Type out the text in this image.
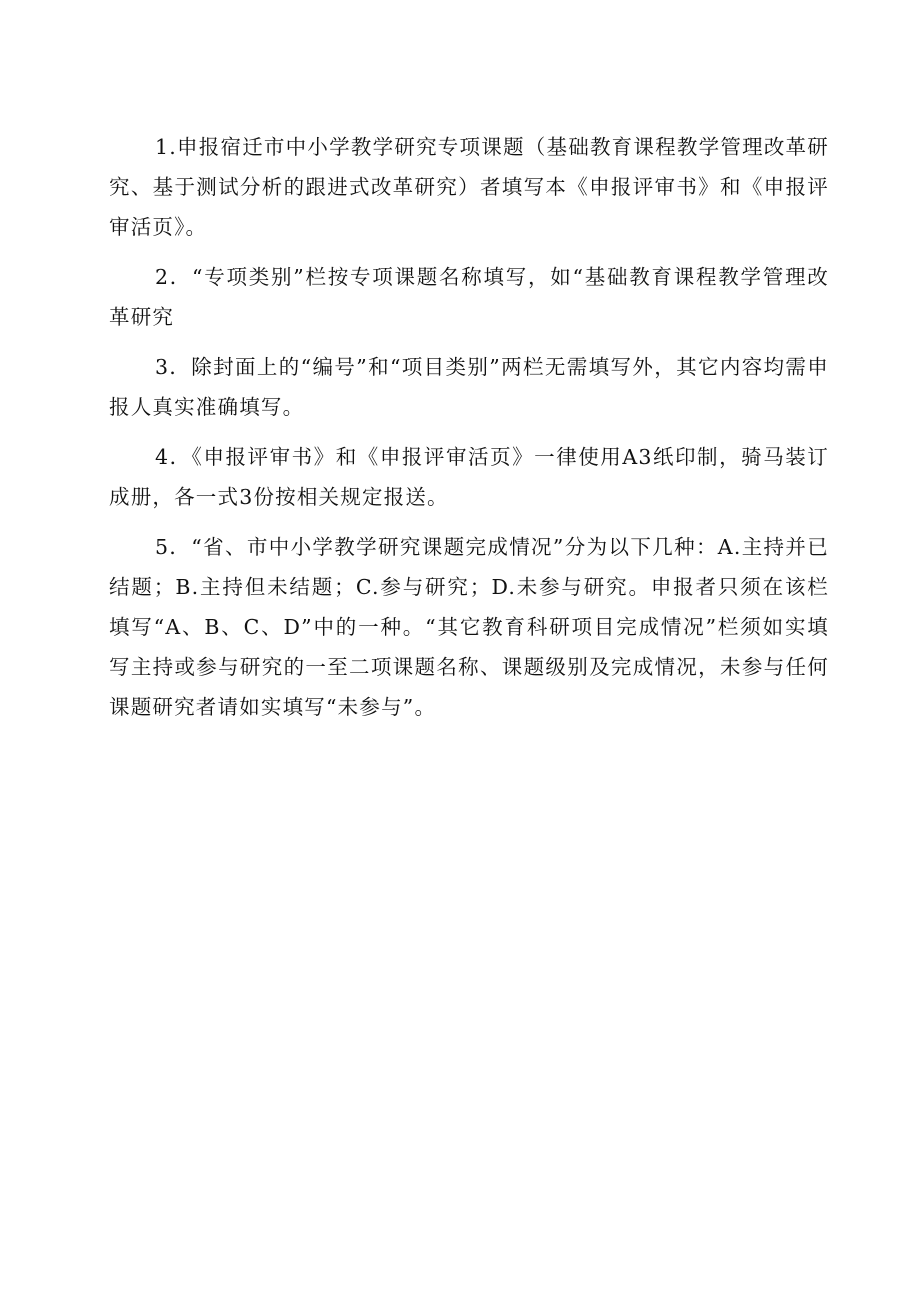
1.申报宿迁市中小学教学研究专项课题（基础教育课程教学管理改革研究、基于测试分析的跟进式改革研究）者填写本《申报评审书》和《申报评审活页》。

2．“专项类别”栏按专项课题名称填写，如“基础教育课程教学管理改革研究

3．除封面上的“编号”和“项目类别”两栏无需填写外，其它内容均需申报人真实准确填写。

4．《申报评审书》和《申报评审活页》一律使用A3纸印制，骑马装订成册，各一式3份按相关规定报送。

5．“省、市中小学教学研究课题完成情况”分为以下几种：A.主持并已结题；B.主持但未结题；C.参与研究；D.未参与研究。申报者只须在该栏填写“A、B、C、D”中的一种。“其它教育科研项目完成情况”栏须如实填写主持或参与研究的一至二项课题名称、课题级别及完成情况，未参与任何课题研究者请如实填写“未参与”。
